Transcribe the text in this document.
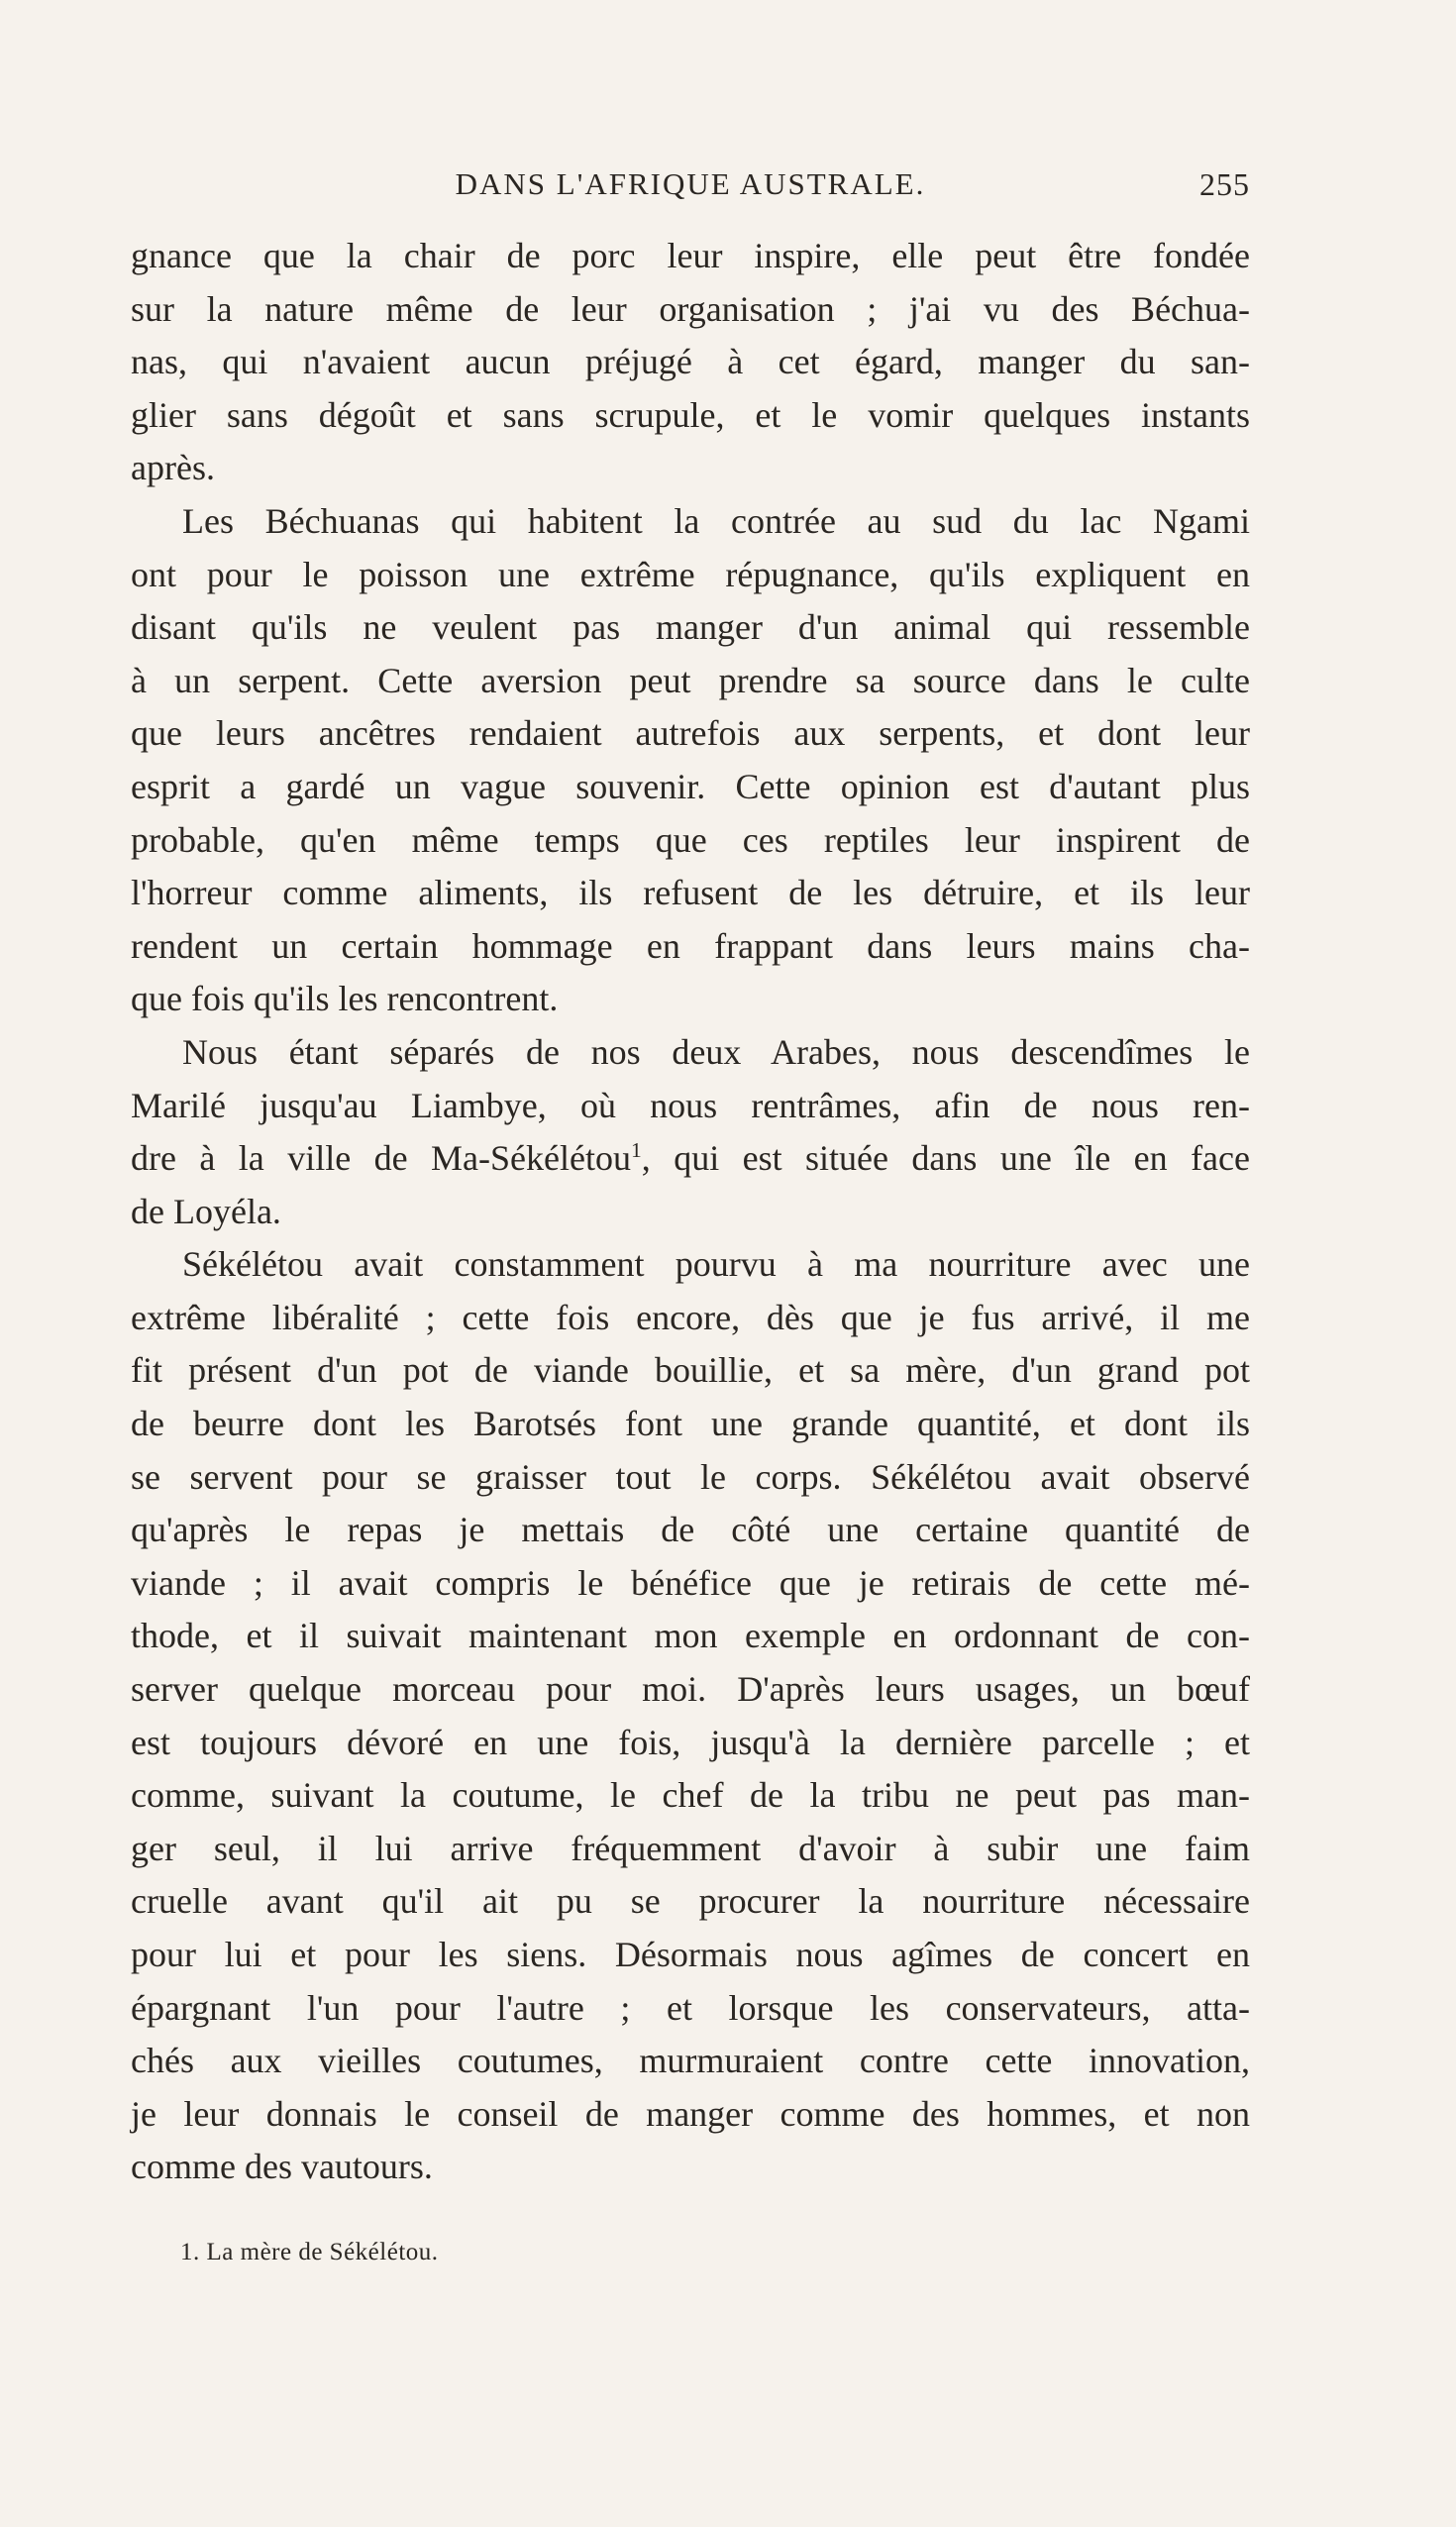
DANS L'AFRIQUE AUSTRALE.	255

gnance que la chair de porc leur inspire, elle peut être fondée
sur la nature même de leur organisation ; j'ai vu des Béchua-
nas, qui n'avaient aucun préjugé à cet égard, manger du san-
glier sans dégoût et sans scrupule, et le vomir quelques instants
après.

Les Béchuanas qui habitent la contrée au sud du lac Ngami
ont pour le poisson une extrême répugnance, qu'ils expliquent en
disant qu'ils ne veulent pas manger d'un animal qui ressemble
à un serpent. Cette aversion peut prendre sa source dans le culte
que leurs ancêtres rendaient autrefois aux serpents, et dont leur
esprit a gardé un vague souvenir. Cette opinion est d'autant plus
probable, qu'en même temps que ces reptiles leur inspirent de
l'horreur comme aliments, ils refusent de les détruire, et ils leur
rendent un certain hommage en frappant dans leurs mains cha-
que fois qu'ils les rencontrent.

Nous étant séparés de nos deux Arabes, nous descendîmes le
Marilé jusqu'au Liambye, où nous rentrâmes, afin de nous ren-
dre à la ville de Ma-Sékélétou$^1$, qui est située dans une île en face
de Loyéla.

Sékélétou avait constamment pourvu à ma nourriture avec une
extrême libéralité ; cette fois encore, dès que je fus arrivé, il me
fit présent d'un pot de viande bouillie, et sa mère, d'un grand pot
de beurre dont les Barotsés font une grande quantité, et dont ils
se servent pour se graisser tout le corps. Sékélétou avait observé
qu'après le repas je mettais de côté une certaine quantité de
viande ; il avait compris le bénéfice que je retirais de cette mé-
thode, et il suivait maintenant mon exemple en ordonnant de con-
server quelque morceau pour moi. D'après leurs usages, un bœuf
est toujours dévoré en une fois, jusqu'à la dernière parcelle ; et
comme, suivant la coutume, le chef de la tribu ne peut pas man-
ger seul, il lui arrive fréquemment d'avoir à subir une faim
cruelle avant qu'il ait pu se procurer la nourriture nécessaire
pour lui et pour les siens. Désormais nous agîmes de concert en
épargnant l'un pour l'autre ; et lorsque les conservateurs, atta-
chés aux vieilles coutumes, murmuraient contre cette innovation,
je leur donnais le conseil de manger comme des hommes, et non
comme des vautours.

1. La mère de Sékélétou.
